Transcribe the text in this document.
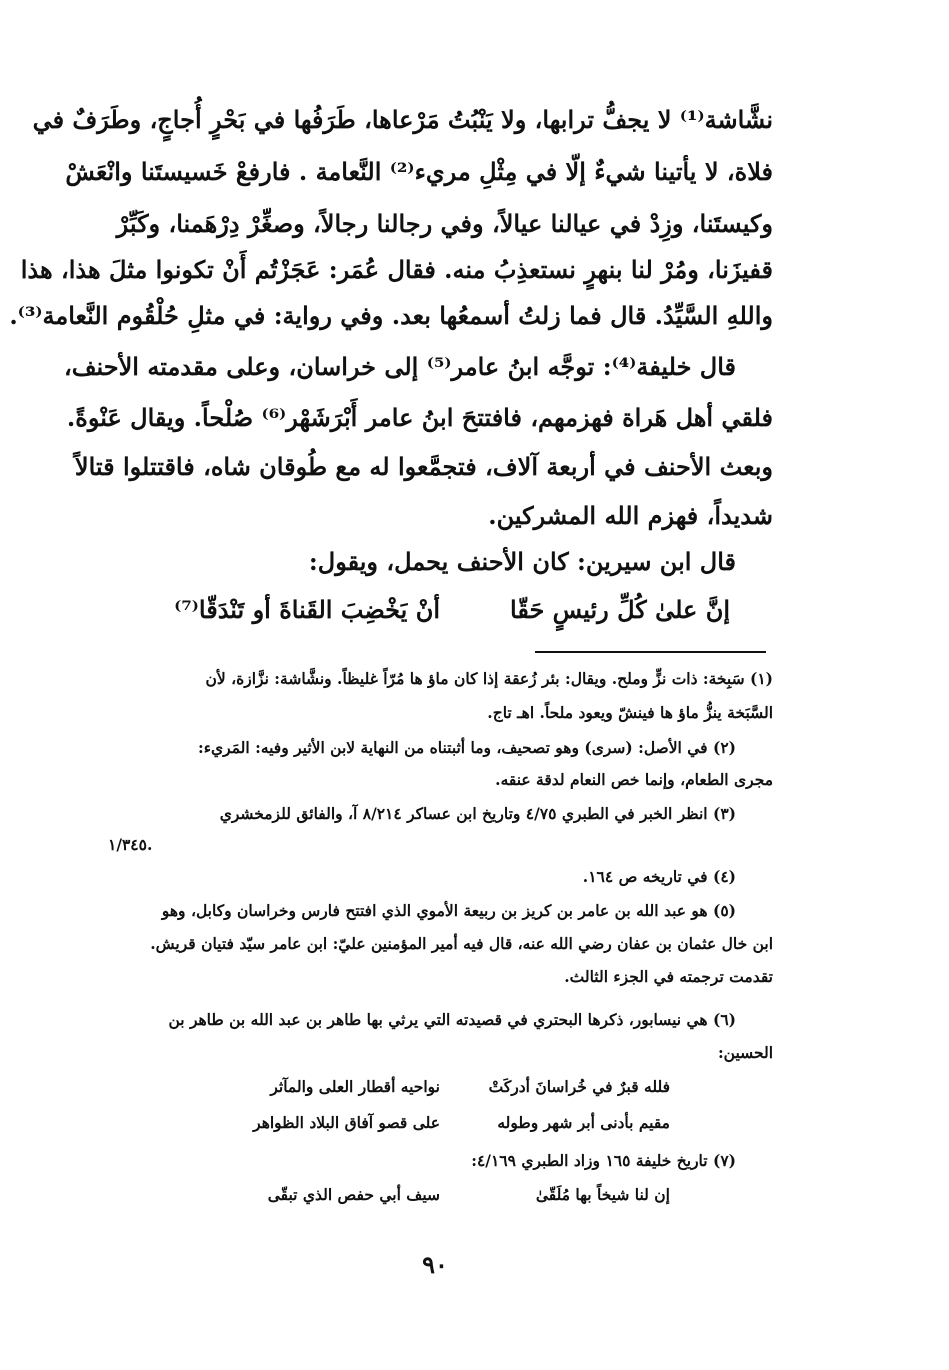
نشَّاشة⁽¹⁾ لا يجفُّ ترابها، ولا يَنْبُتُ مَرْعاها، طَرَفُها في بَحْرٍ أُجاجٍ، وطَرَفٌ في
فلاة، لا يأتينا شيءٌ إلّا في مِثْلِ مريء⁽²⁾ النَّعامة . فارفعْ خَسيستَنا وانْعَشْ
وكيستَنا، وزِدْ في عيالنا عيالاً، وفي رجالنا رجالاً، وصغِّرْ دِرْهَمنا، وكَبِّرْ
قفيزَنا، ومُرْ لنا بنهرٍ نستعذِبُ منه. فقال عُمَر: عَجَزْتُم أَنْ تكونوا مثلَ هذا، هذا
واللهِ السَّيِّدُ. قال فما زلتُ أسمعُها بعد. وفي رواية: في مثلِ حُلْقُوم النَّعامة⁽³⁾.
قال خليفة⁽⁴⁾: توجَّه ابنُ عامر⁽⁵⁾ إلى خراسان، وعلى مقدمته الأحنف،
فلقي أهل هَراة فهزمهم، فافتتحَ ابنُ عامر أَبْرَشَهْر⁽⁶⁾ صُلْحاً. ويقال عَنْوةً.
وبعث الأحنف في أربعة آلاف، فتجمَّعوا له مع طُوقان شاه، فاقتتلوا قتالاً
شديداً، فهزم الله المشركين.
قال ابن سيرين: كان الأحنف يحمل، ويقول:
إنَّ علىٰ كُلِّ رئيسٍ حَقّا
أنْ يَخْضِبَ القَناةَ أو تَنْدَقّا⁽⁷⁾
(١) سَبِخة: ذات نزٍّ وملح. ويقال: بئر زُعقة إذا كان ماؤ ها مُرّاً غليظاً. ونشَّاشة: نزَّازة، لأن
السَّبَخة ينزُّ ماؤ ها فينشّ ويعود ملحاً. اهـ تاج.
(٢) في الأصل: (سرى) وهو تصحيف، وما أثبتناه من النهاية لابن الأثير وفيه: المَريء:
مجرى الطعام، وإنما خص النعام لدقة عنقه.
(٣) انظر الخبر في الطبري ٤/٧٥ وتاريخ ابن عساكر ٨/٢١٤ آ، والفائق للزمخشري
١/٣٤٥.
(٤) في تاريخه ص ١٦٤.
(٥) هو عبد الله بن عامر بن كريز بن ربيعة الأموي الذي افتتح فارس وخراسان وكابل، وهو
ابن خال عثمان بن عفان رضي الله عنه، قال فيه أمير المؤمنين عليّ: ابن عامر سيّد فتيان قريش.
تقدمت ترجمته في الجزء الثالث.
(٦) هي نيسابور، ذكرها البحتري في قصيدته التي يرثي بها طاهر بن عبد الله بن طاهر بن
الحسين:
فلله قبرٌ في خُراسانَ أدركَتْ
نواحيه أقطار العلى والمآثر
مقيم بأدنى أبر شهر وطوله
على قصو آفاق البلاد الظواهر
(٧) تاريخ خليفة ١٦٥ وزاد الطبري ٤/١٦٩:
إن لنا شيخاً بها مُلَقّىٰ
سيف أبي حفص الذي تبقّى
٩٠
